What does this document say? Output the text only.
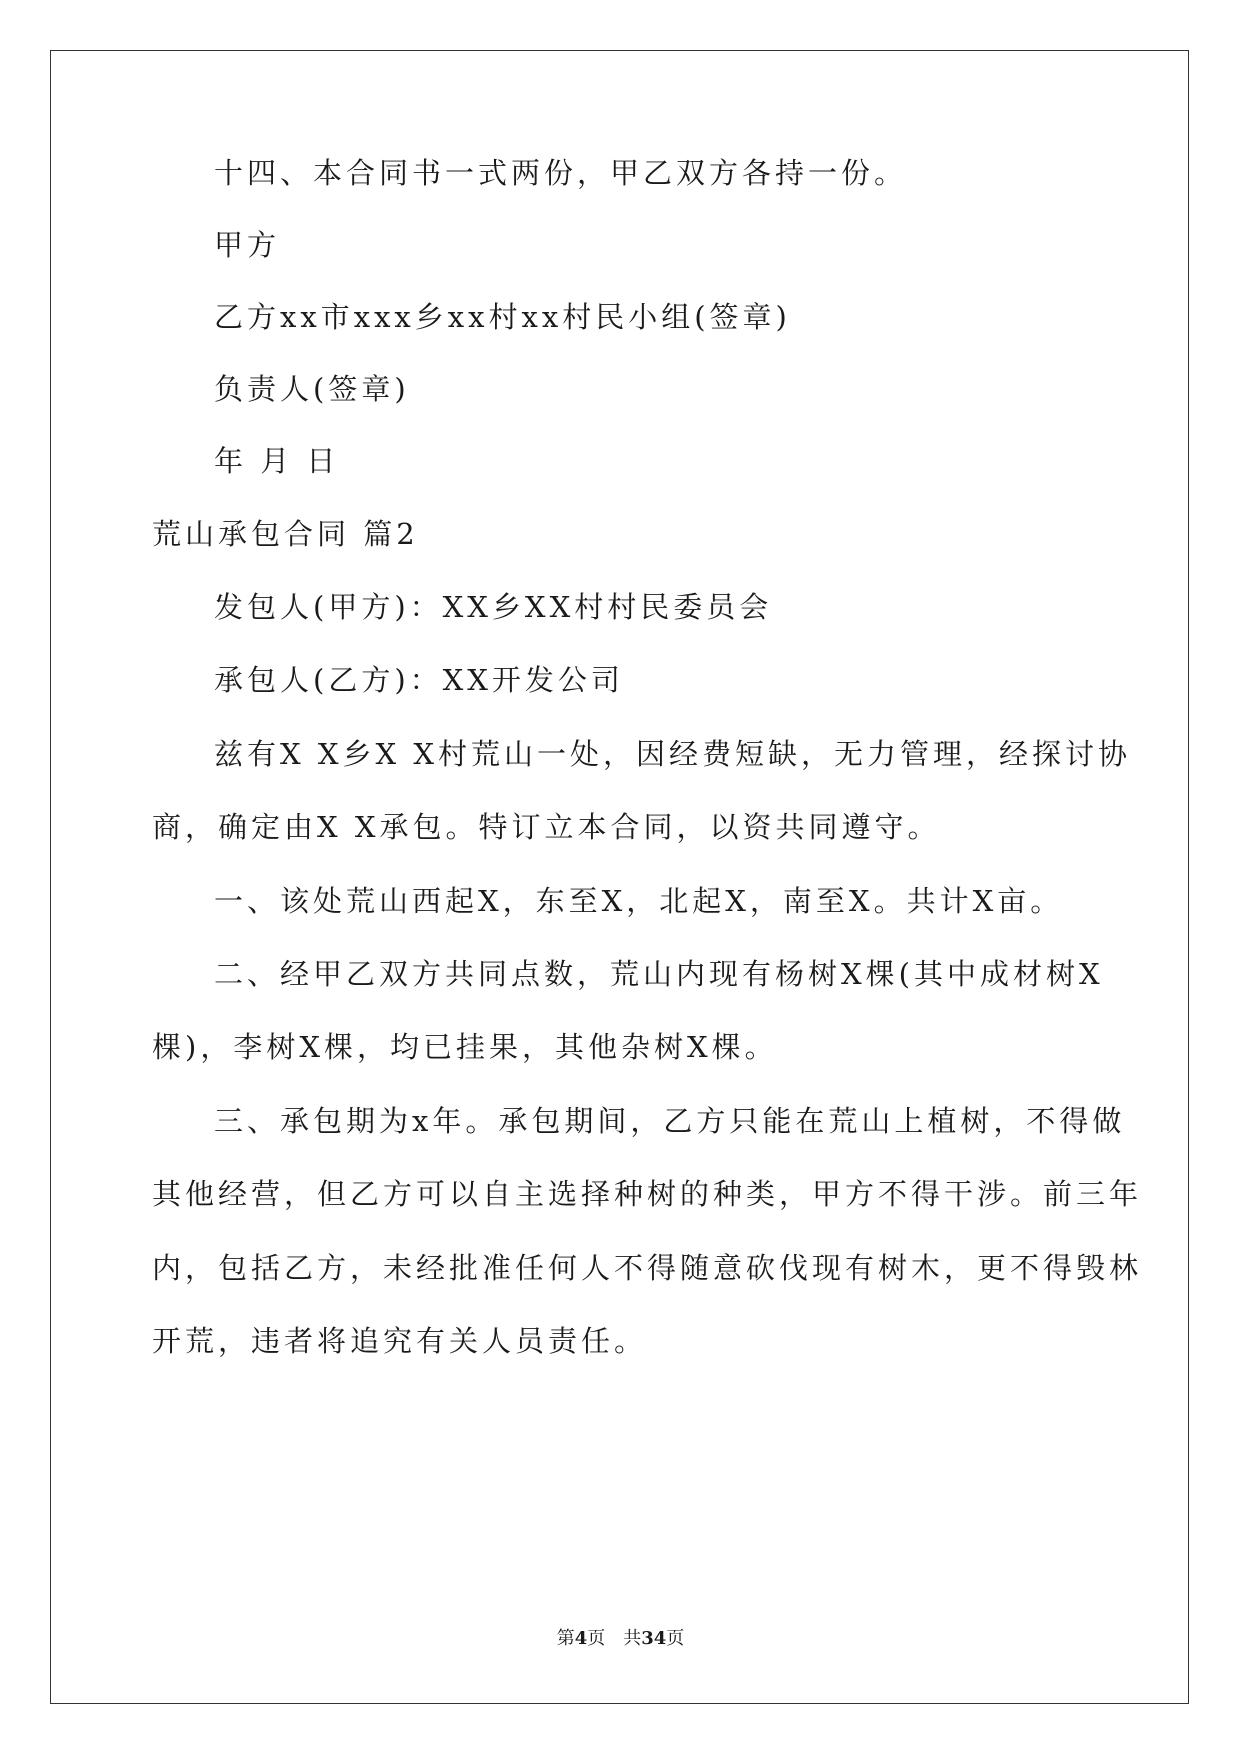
十四、本合同书一式两份，甲乙双方各持一份。
甲方
乙方xx市xxx乡xx村xx村民小组(签章)
负责人(签章)
年 月 日
荒山承包合同 篇2
发包人(甲方)：XX乡XX村村民委员会
承包人(乙方)：XX开发公司
兹有X X乡X X村荒山一处，因经费短缺，无力管理，经探讨协
商，确定由X X承包。特订立本合同，以资共同遵守。
一、该处荒山西起X，东至X，北起X，南至X。共计X亩。
二、经甲乙双方共同点数，荒山内现有杨树X棵(其中成材树X
棵)，李树X棵，均已挂果，其他杂树X棵。
三、承包期为x年。承包期间，乙方只能在荒山上植树，不得做
其他经营，但乙方可以自主选择种树的种类，甲方不得干涉。前三年
内，包括乙方，未经批准任何人不得随意砍伐现有树木，更不得毁林
开荒，违者将追究有关人员责任。
第4页 共34页
